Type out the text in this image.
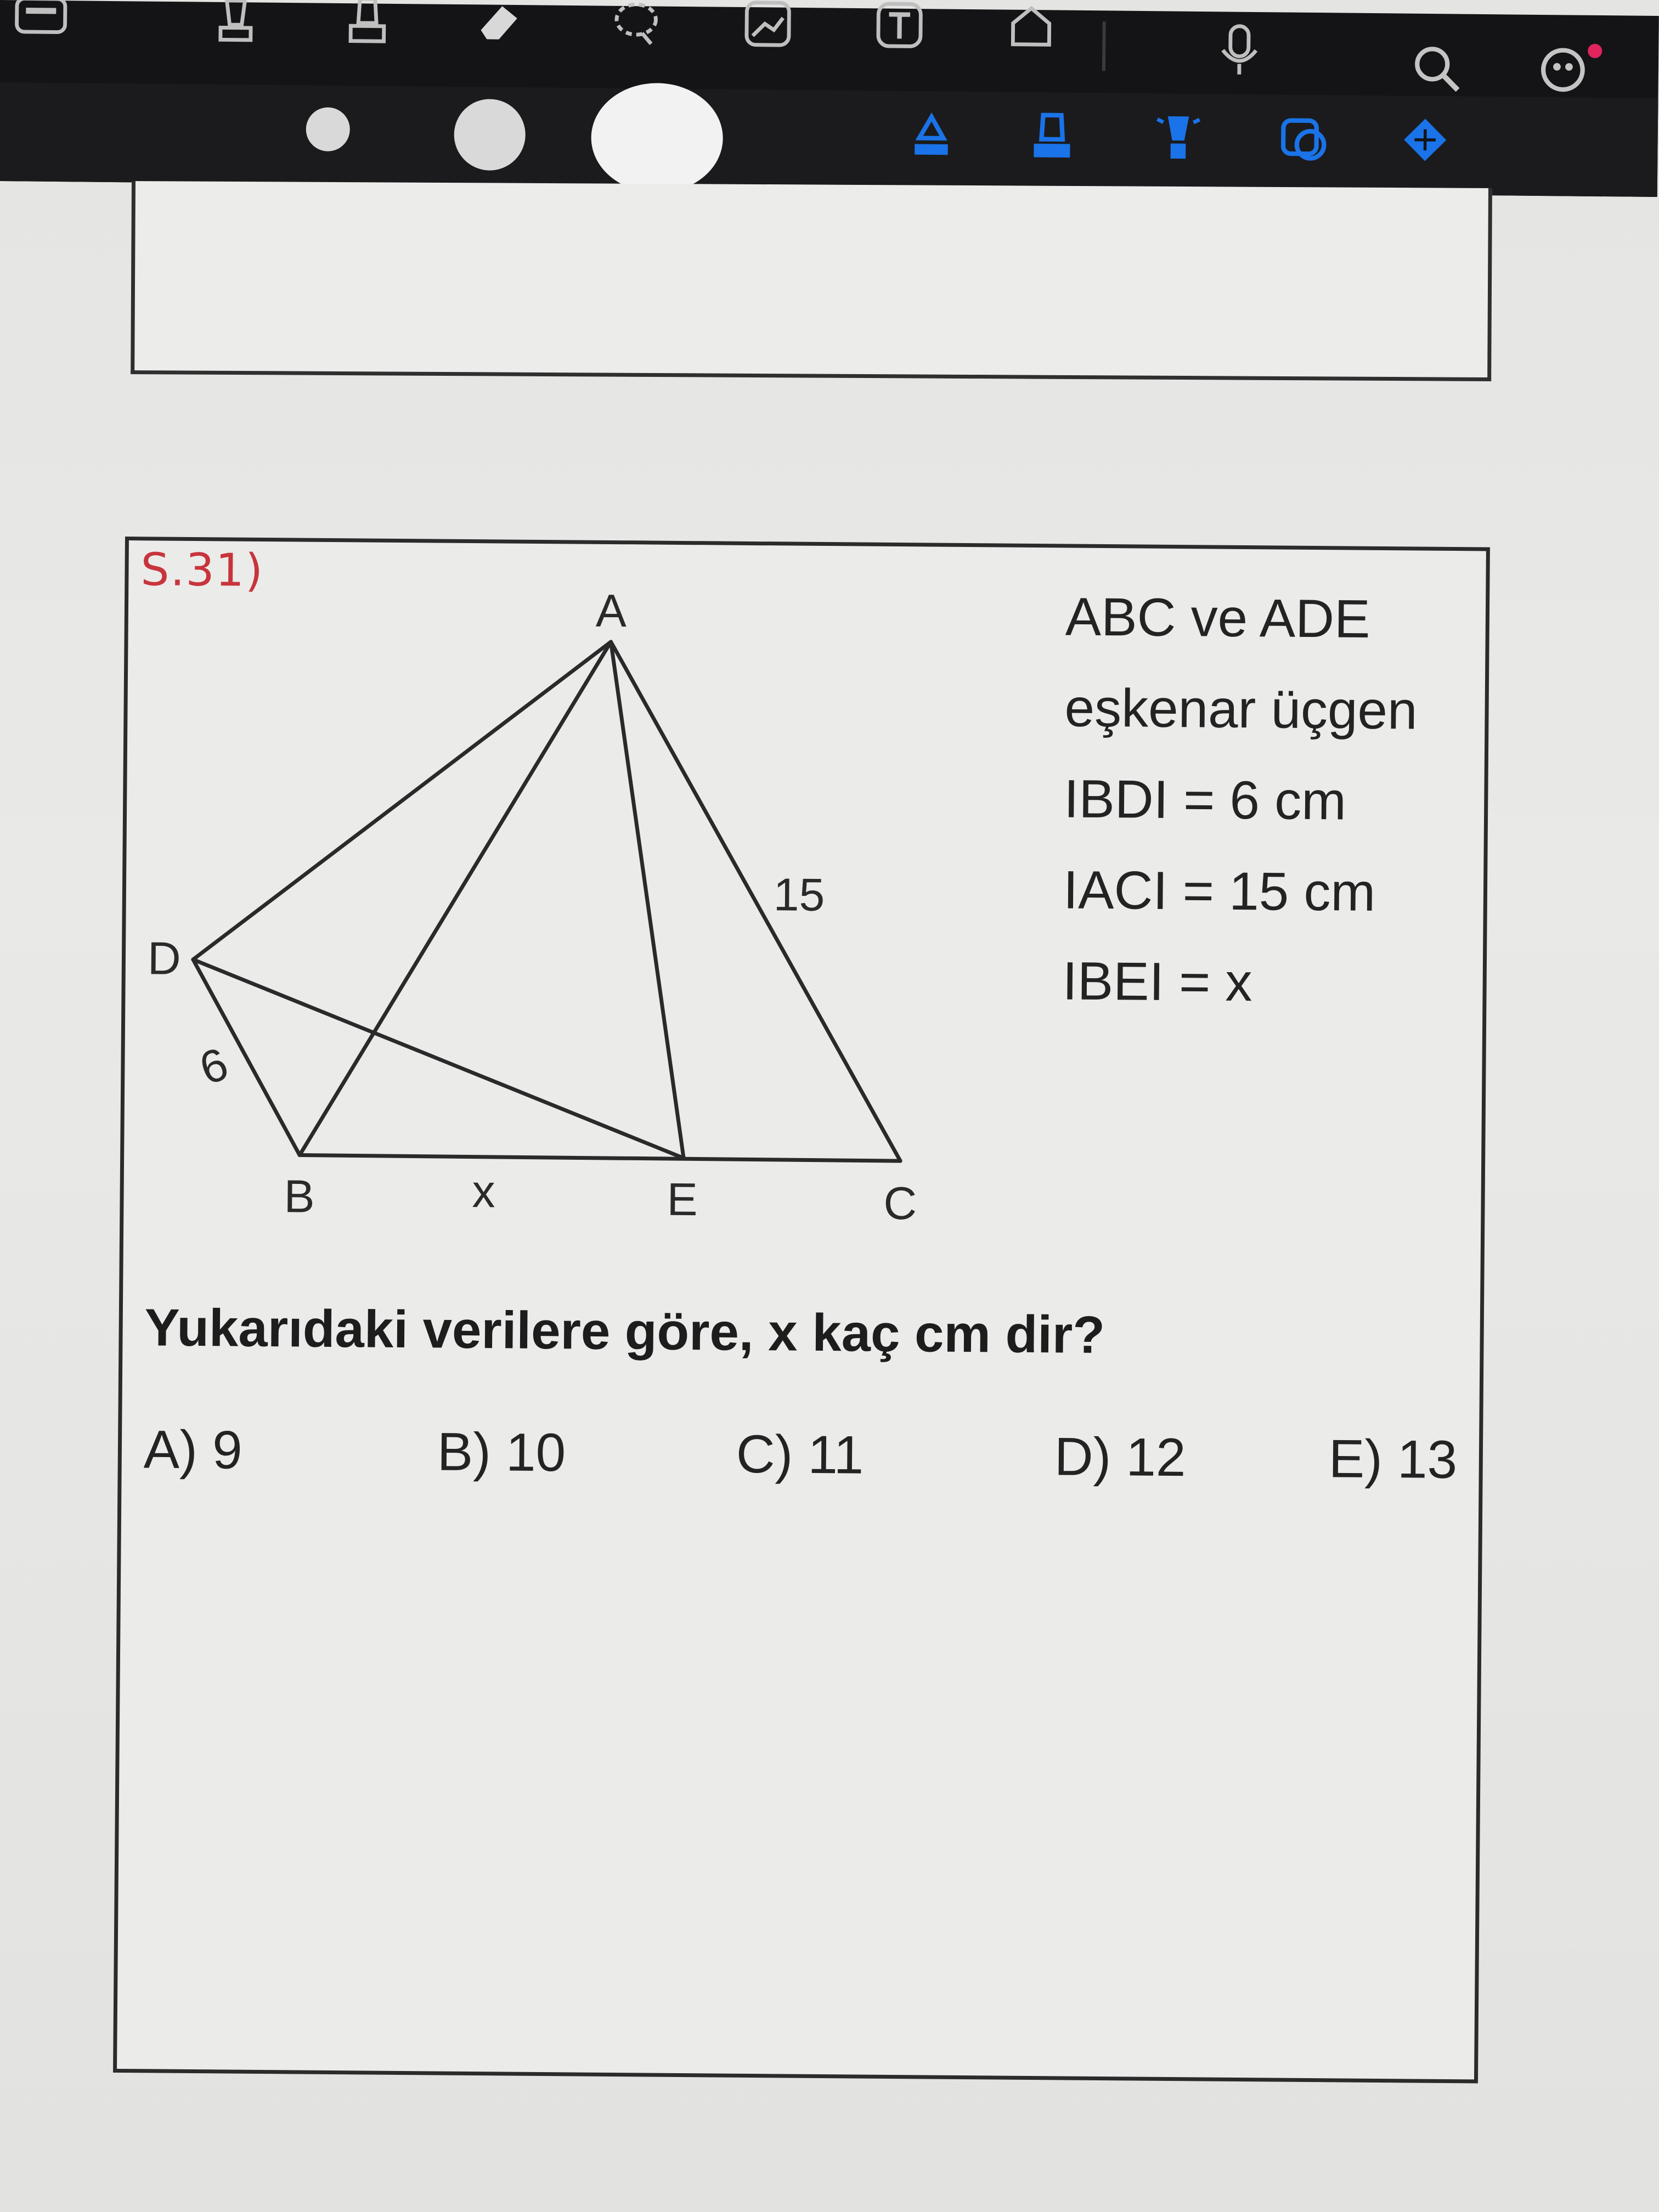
S.31)
A
D
B	E	C
15
6
x
ABC ve ADE
eşkenar üçgen
IBDI = 6 cm
IACI = 15 cm
IBEI = x
Yukarıdaki verilere göre, x kaç cm dir?
A) 9	B) 10	C) 11	D) 12	E) 13
